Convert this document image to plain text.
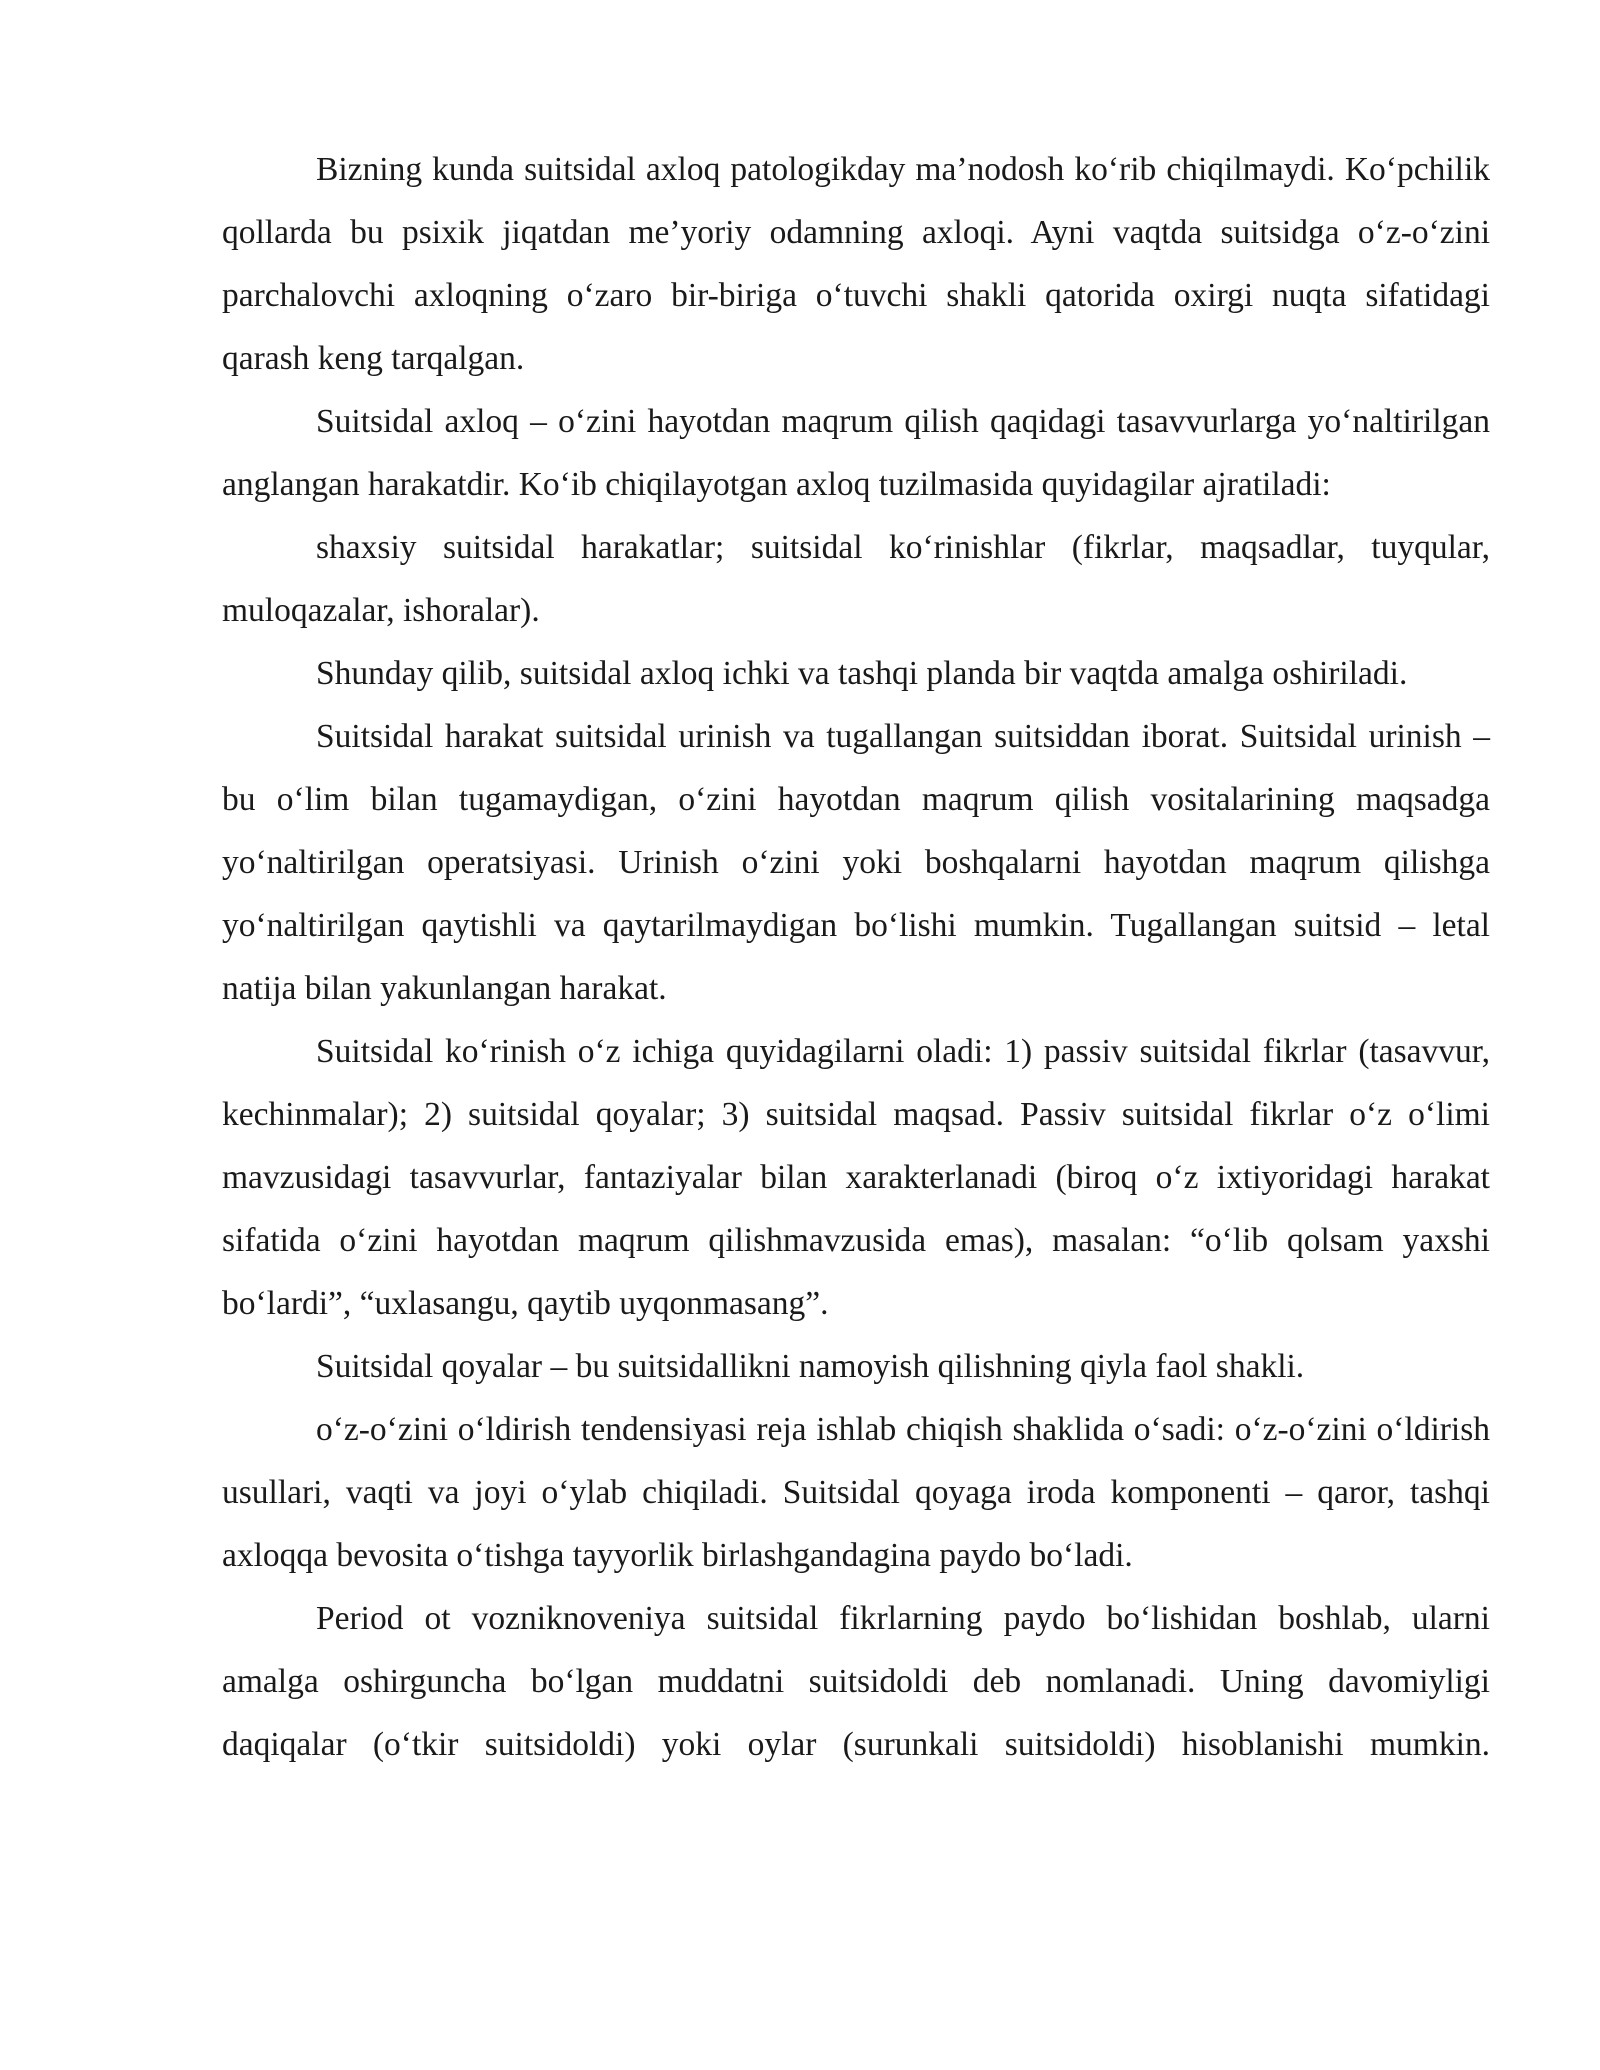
Bizning kunda suitsidal axloq patologikday ma’nodosh ko‘rib chiqilmaydi. Ko‘pchilik qollarda bu psixik jiqatdan me’yoriy odamning axloqi. Ayni vaqtda suitsidga o‘z-o‘zini parchalovchi axloqning o‘zaro bir-biriga o‘tuvchi shakli qatorida oxirgi nuqta sifatidagi qarash keng tarqalgan.

Suitsidal axloq – o‘zini hayotdan maqrum qilish qaqidagi tasavvurlarga yo‘naltirilgan anglangan harakatdir. Ko‘ib chiqilayotgan axloq tuzilmasida quyidagilar ajratiladi:

shaxsiy suitsidal harakatlar; suitsidal ko‘rinishlar (fikrlar, maqsadlar, tuyqular, muloqazalar, ishoralar).

Shunday qilib, suitsidal axloq ichki va tashqi planda bir vaqtda amalga oshiriladi.

Suitsidal harakat suitsidal urinish va tugallangan suitsiddan iborat. Suitsidal urinish – bu o‘lim bilan tugamaydigan, o‘zini hayotdan maqrum qilish vositalarining maqsadga yo‘naltirilgan operatsiyasi. Urinish o‘zini yoki boshqalarni hayotdan maqrum qilishga yo‘naltirilgan qaytishli va qaytarilmaydigan bo‘lishi mumkin. Tugallangan suitsid – letal natija bilan yakunlangan harakat.

Suitsidal ko‘rinish o‘z ichiga quyidagilarni oladi: 1) passiv suitsidal fikrlar (tasavvur, kechinmalar); 2) suitsidal qoyalar; 3) suitsidal maqsad. Passiv suitsidal fikrlar o‘z o‘limi mavzusidagi tasavvurlar, fantaziyalar bilan xarakterlanadi (biroq o‘z ixtiyoridagi harakat sifatida o‘zini hayotdan maqrum qilishmavzusida emas), masalan: “o‘lib qolsam yaxshi bo‘lardi”, “uxlasangu, qaytib uyqonmasang”.

Suitsidal qoyalar – bu suitsidallikni namoyish qilishning qiyla faol shakli.

o‘z-o‘zini o‘ldirish tendensiyasi reja ishlab chiqish shaklida o‘sadi: o‘z-o‘zini o‘ldirish usullari, vaqti va joyi o‘ylab chiqiladi. Suitsidal qoyaga iroda komponenti – qaror, tashqi axloqqa bevosita o‘tishga tayyorlik birlashgandagina paydo bo‘ladi.

Period ot vozniknoveniya suitsidal fikrlarning paydo bo‘lishidan boshlab, ularni amalga oshirguncha bo‘lgan muddatni suitsidoldi deb nomlanadi. Uning davomiyligi daqiqalar (o‘tkir suitsidoldi) yoki oylar (surunkali suitsidoldi) hisoblanishi mumkin.
